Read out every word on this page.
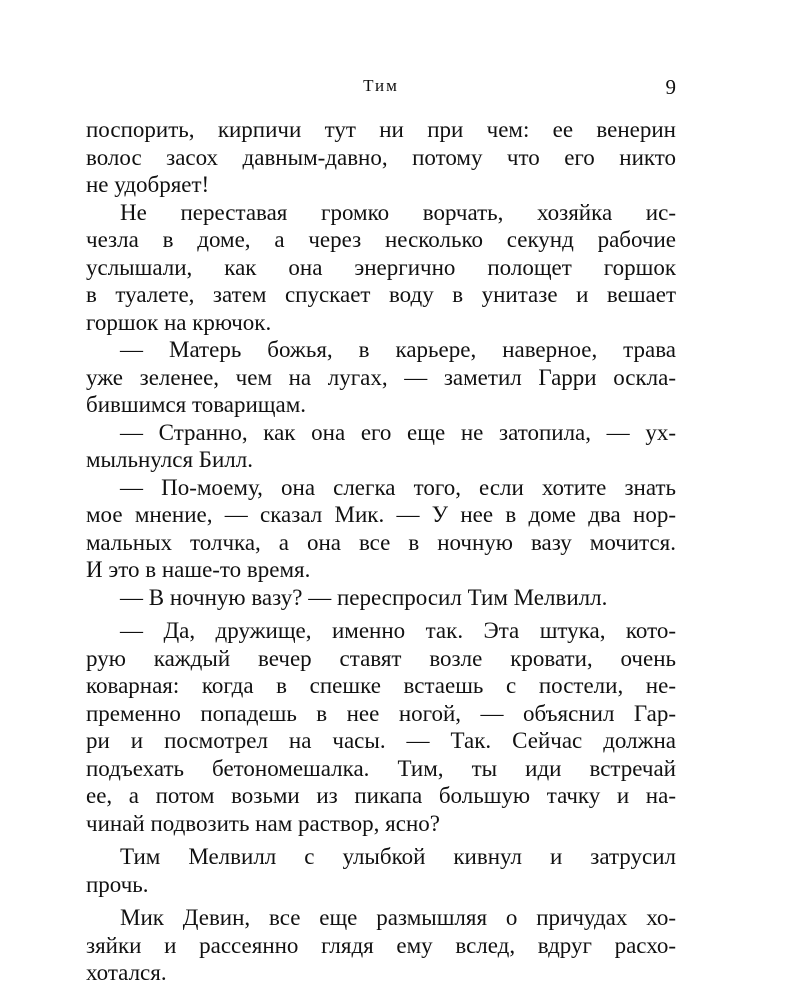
Тим	9
поспорить, кирпичи тут ни при чем: ее венерин
волос засох давным-давно, потому что его никто
не удобряет!
Не переставая громко ворчать, хозяйка ис-
чезла в доме, а через несколько секунд рабочие
услышали, как она энергично полощет горшок
в туалете, затем спускает воду в унитазе и вешает
горшок на крючок.
— Матерь божья, в карьере, наверное, трава
уже зеленее, чем на лугах, — заметил Гарри оскла-
бившимся товарищам.
— Странно, как она его еще не затопила, — ух-
мыльнулся Билл.
— По-моему, она слегка того, если хотите знать
мое мнение, — сказал Мик. — У нее в доме два нор-
мальных толчка, а она все в ночную вазу мочится.
И это в наше-то время.
— В ночную вазу? — переспросил Тим Мелвилл.
— Да, дружище, именно так. Эта штука, кото-
рую каждый вечер ставят возле кровати, очень
коварная: когда в спешке встаешь с постели, не-
пременно попадешь в нее ногой, — объяснил Гар-
ри и посмотрел на часы. — Так. Сейчас должна
подъехать бетономешалка. Тим, ты иди встречай
ее, а потом возьми из пикапа большую тачку и на-
чинай подвозить нам раствор, ясно?
Тим Мелвилл с улыбкой кивнул и затрусил
прочь.
Мик Девин, все еще размышляя о причудах хо-
зяйки и рассеянно глядя ему вслед, вдруг расхо-
хотался.
